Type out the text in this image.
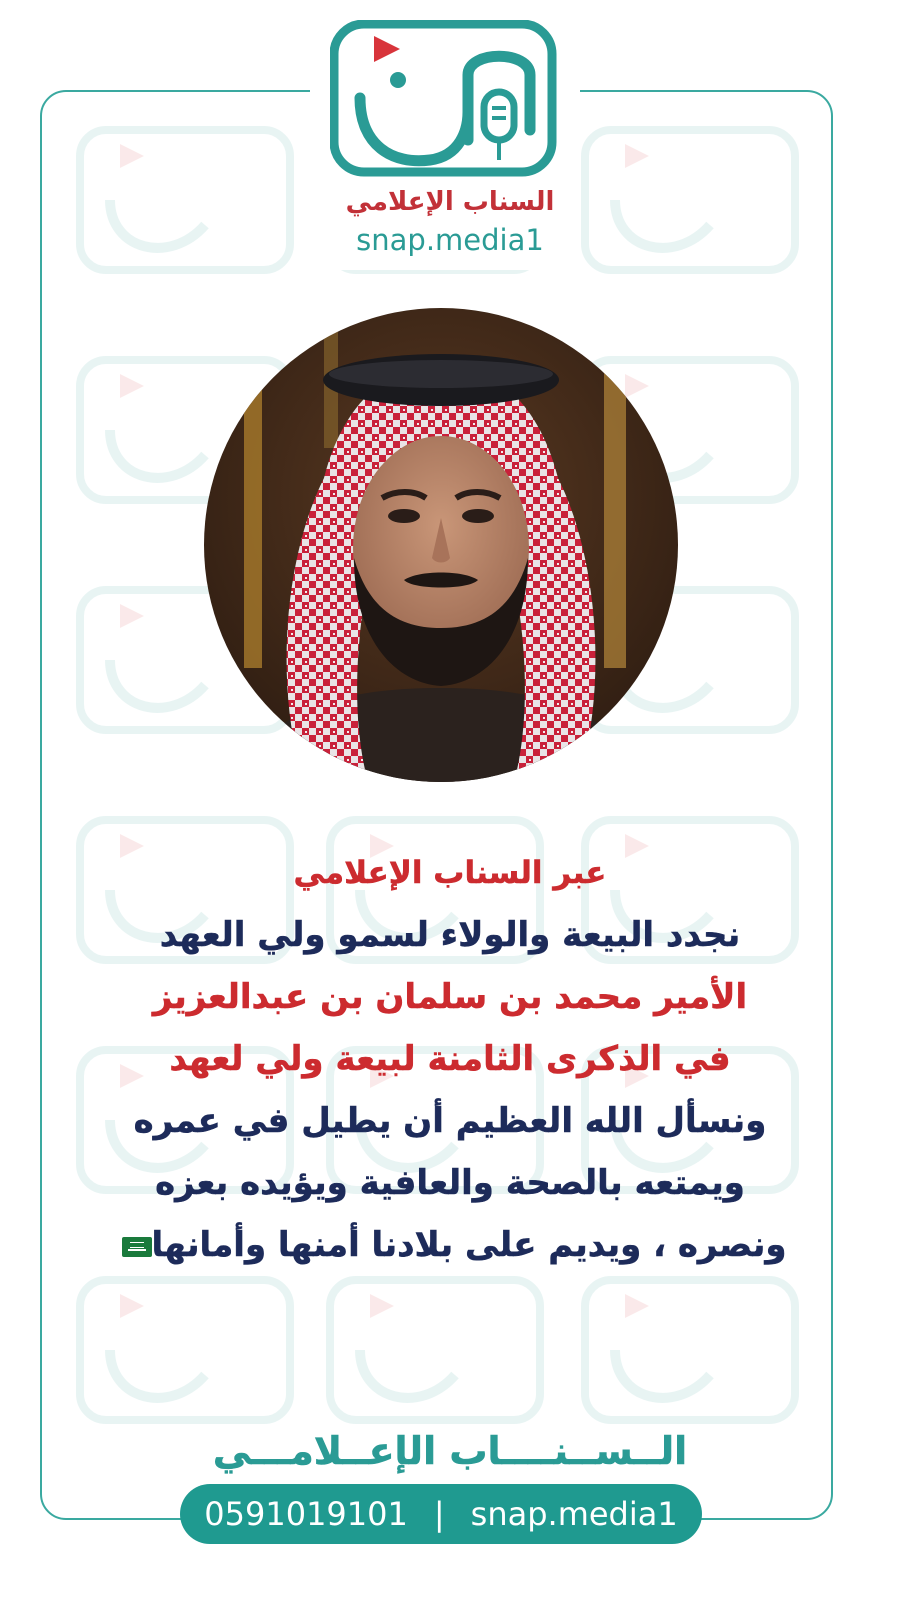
السناب الإعلامي
snap.media1
عبر السناب الإعلامي
نجدد البيعة والولاء لسمو ولي العهد
الأمير محمد بن سلمان بن عبدالعزيز
في الذكرى الثامنة لبيعة ولي لعهد
ونسأل الله العظيم أن يطيل في عمره
ويمتعه بالصحة والعافية ويؤيده بعزه
ونصره ، ويديم على بلادنا أمنها وأمانها
الــســنــــاب الإعــلامـــي
0591019101 | snap.media1
